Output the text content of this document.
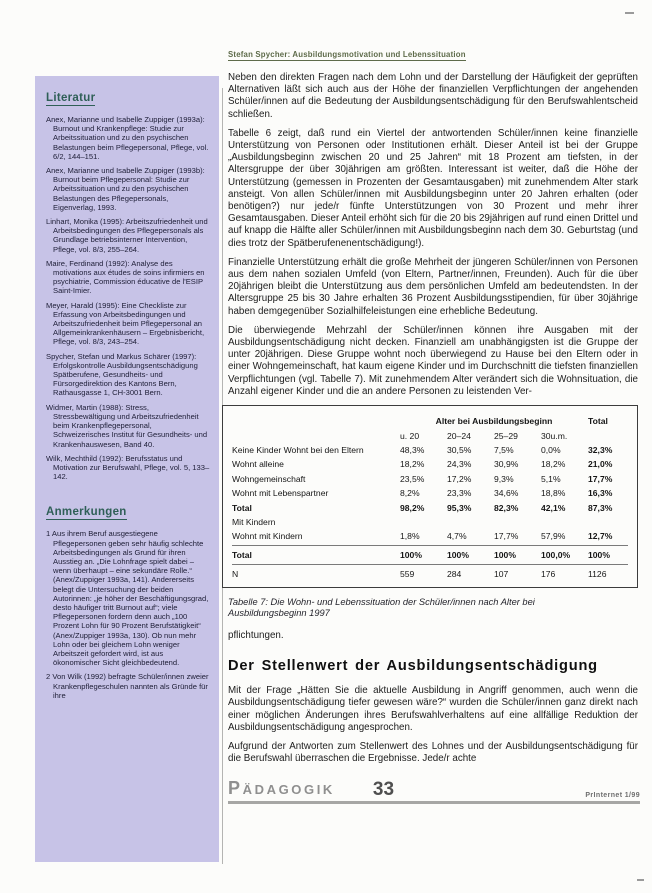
Literatur

Anex, Marianne und Isabelle Zuppiger (1993a): Burnout und Krankenpflege: Studie zur Arbeitssituation und zu den psychischen Belastungen beim Pflegepersonal, Pflege, vol. 6/2, 144–151.

Anex, Marianne und Isabelle Zuppiger (1993b): Burnout beim Pflegepersonal: Studie zur Arbeitssituation und zu den psychischen Belastungen des Pflegepersonals, Eigenverlag, 1993.

Linhart, Monika (1995): Arbeitszufriedenheit und Arbeitsbedingungen des Pflegepersonals als Grundlage betriebsinterner Intervention, Pflege, vol. 8/3, 255–264.

Maire, Ferdinand (1992): Analyse des motivations aux études de soins infirmiers en psychiatrie, Commission éducative de l'ESIP Saint-Imier.

Meyer, Harald (1995): Eine Checkliste zur Erfassung von Arbeitsbedingungen und Arbeitszufriedenheit beim Pflegepersonal an Allgemeinkrankenhäusern – Ergebnisbericht, Pflege, vol. 8/3, 243–254.

Spycher, Stefan und Markus Schärer (1997): Erfolgskontrolle Ausbildungsentschädigung Spätberufene, Gesundheits- und Fürsorgedirektion des Kantons Bern, Rathausgasse 1, CH-3001 Bern.

Widmer, Martin (1988): Stress, Stressbewältigung und Arbeitszufriedenheit beim Krankenpflegepersonal, Schweizerisches Institut für Gesundheits- und Krankenhauswesen, Band 40.

Wilk, Mechthild (1992): Berufsstatus und Motivation zur Berufswahl, Pflege, vol. 5, 133–142.

Anmerkungen

1 Aus ihrem Beruf ausgestiegene Pflegepersonen geben sehr häufig schlechte Arbeitsbedingungen als Grund für ihren Ausstieg an. „Die Lohnfrage spielt dabei – wenn überhaupt – eine sekundäre Rolle.“ (Anex/Zuppiger 1993a, 141). Andererseits belegt die Untersuchung der beiden Autorinnen: „je höher der Beschäftigungsgrad, desto häufiger tritt Burnout auf“; viele Pflegepersonen fordern denn auch „100 Prozent Lohn für 90 Prozent Berufstätigkeit“ (Anex/Zuppiger 1993a, 130). Ob nun mehr Lohn oder bei gleichem Lohn weniger Arbeitszeit gefordert wird, ist aus ökonomischer Sicht gleichbedeutend.

2 Von Wilk (1992) befragte Schüler/innen zweier Krankenpflegeschulen nannten als Gründe für ihre

Stefan Spycher: Ausbildungsmotivation und Lebenssituation

Neben den direkten Fragen nach dem Lohn und der Darstellung der Häufigkeit der geprüften Alternativen läßt sich auch aus der Höhe der finanziellen Verpflichtungen der angehenden Schüler/innen auf die Bedeutung der Ausbildungsentschädigung für den Berufswahlentscheid schließen.

Tabelle 6 zeigt, daß rund ein Viertel der antwortenden Schüler/innen keine finanzielle Unterstützung von Personen oder Institutionen erhält. Dieser Anteil ist bei der Gruppe „Ausbildungsbeginn zwischen 20 und 25 Jahren“ mit 18 Prozent am tiefsten, in der Altersgruppe der über 30jährigen am größten. Interessant ist weiter, daß die Höhe der Unterstützung (gemessen in Prozenten der Gesamtausgaben) mit zunehmendem Alter stark ansteigt. Von allen Schüler/innen mit Ausbildungsbeginn unter 20 Jahren erhalten (oder benötigen?) nur jede/r fünfte Unterstützungen von 30 Prozent und mehr ihrer Gesamtausgaben. Dieser Anteil erhöht sich für die 20 bis 29jährigen auf rund einen Drittel und auf knapp die Hälfte aller Schüler/innen mit Ausbildungsbeginn nach dem 30. Geburtstag (und dies trotz der Spätberufenenentschädigung!).

Finanzielle Unterstützung erhält die große Mehrheit der jüngeren Schüler/innen von Personen aus dem nahen sozialen Umfeld (von Eltern, Partner/innen, Freunden). Auch für die über 20jährigen bleibt die Unterstützung aus dem persönlichen Umfeld am bedeutendsten. In der Altersgruppe 25 bis 30 Jahre erhalten 36 Prozent Ausbildungsstipendien, für über 30jährige haben demgegenüber Sozialhilfeleistungen eine erhebliche Bedeutung.

Die überwiegende Mehrzahl der Schüler/innen können ihre Ausgaben mit der Ausbildungsentschädigung nicht decken. Finanziell am unabhängigsten ist die Gruppe der unter 20jährigen. Diese Gruppe wohnt noch überwiegend zu Hause bei den Eltern oder in einer Wohngemeinschaft, hat kaum eigene Kinder und im Durchschnitt die tiefsten finanziellen Verpflichtungen (vgl. Tabelle 7). Mit zunehmendem Alter verändert sich die Wohnsituation, die Anzahl eigener Kinder und die an andere Personen zu leistenden Ver-

Alter bei Ausbildungsbeginn	Total
u. 20	20–24	25–29	30u.m.
Keine Kinder Wohnt bei den Eltern	48,3%	30,5%	7,5%	0,0%	32,3%
Wohnt alleine	18,2%	24,3%	30,9%	18,2%	21,0%
Wohngemeinschaft	23,5%	17,2%	9,3%	5,1%	17,7%
Wohnt mit Lebenspartner	8,2%	23,3%	34,6%	18,8%	16,3%
Total	98,2%	95,3%	82,3%	42,1%	87,3%
Mit Kindern
Wohnt mit Kindern	1,8%	4,7%	17,7%	57,9%	12,7%
Total	100%	100%	100%	100,0%	100%
N	559	284	107	176	1126

Tabelle 7: Die Wohn- und Lebenssituation der Schüler/innen nach Alter bei Ausbildungsbeginn 1997

pflichtungen.

Der Stellenwert der Ausbildungsentschädigung

Mit der Frage „Hätten Sie die aktuelle Ausbildung in Angriff genommen, auch wenn die Ausbildungsentschädigung tiefer gewesen wäre?“ wurden die Schüler/innen ganz direkt nach einer möglichen Änderungen ihres Berufswahlverhaltens auf eine allfällige Reduktion der Ausbildungsentschädigung angesprochen.

Aufgrund der Antworten zum Stellenwert des Lohnes und der Ausbildungsentschädigung für die Berufswahl überraschen die Ergebnisse. Jede/r achte

PÄDAGOGIK 33	PrInternet 1/99
